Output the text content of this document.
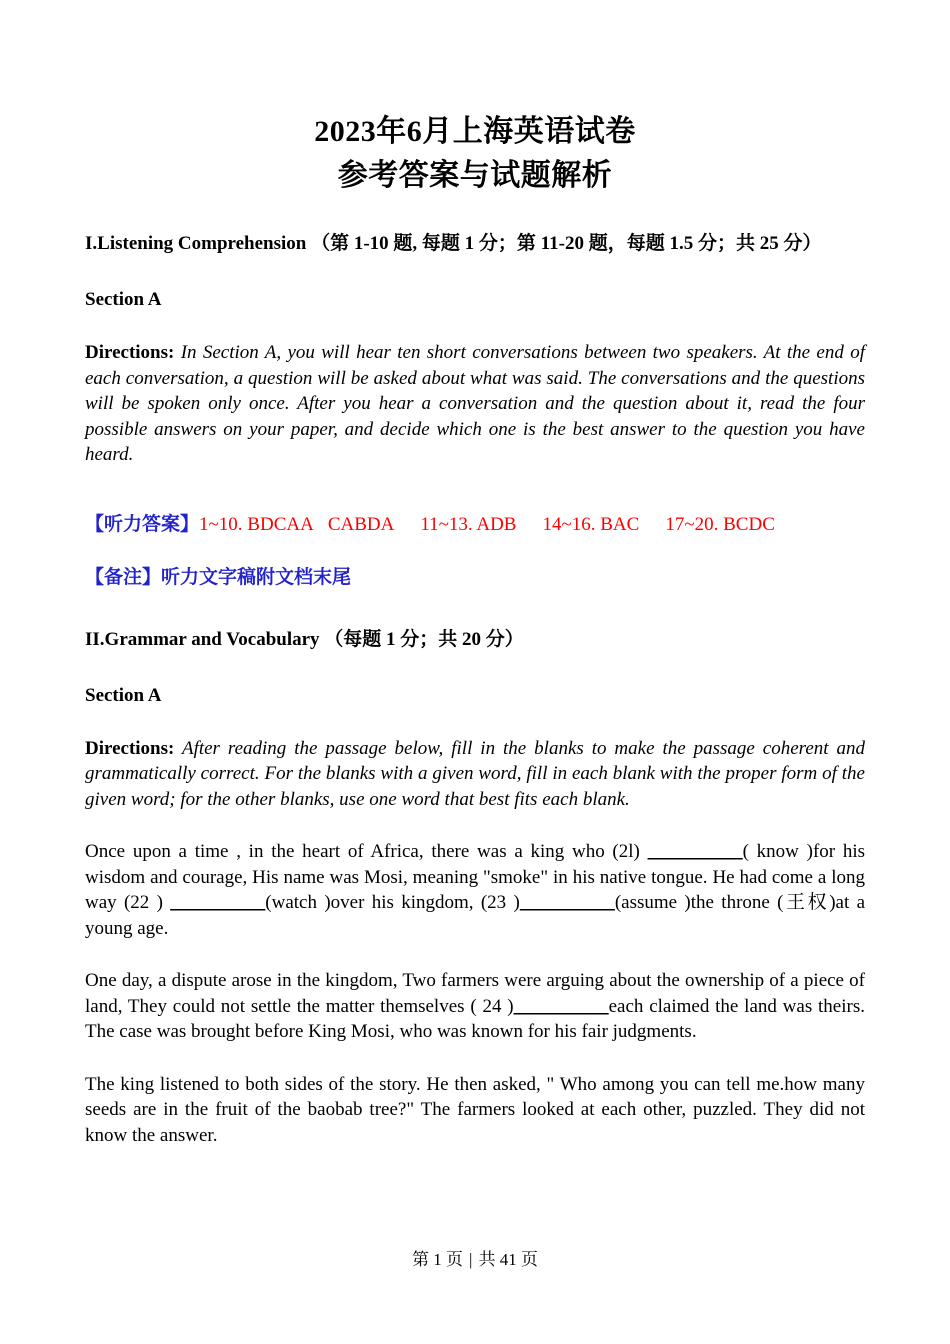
2023年6月上海英语试卷
参考答案与试题解析
I.Listening Comprehension （第 1-10 题, 每题 1 分；第 11-20 题，每题 1.5 分；共 25 分）
Section A
Directions: In Section A, you will hear ten short conversations between two speakers. At the end of each conversation, a question will be asked about what was said. The conversations and the questions will be spoken only once. After you hear a conversation and the question about it, read the four possible answers on your paper, and decide which one is the best answer to the question you have heard.
【听力答案】1~10. BDCAA CABDA 11~13. ADB 14~16. BAC 17~20. BCDC
【备注】听力文字稿附文档末尾
II.Grammar and Vocabulary （每题 1 分；共 20 分）
Section A
Directions: After reading the passage below, fill in the blanks to make the passage coherent and grammatically correct. For the blanks with a given word, fill in each blank with the proper form of the given word; for the other blanks, use one word that best fits each blank.
Once upon a time , in the heart of Africa, there was a king who (2l) __________( know )for his wisdom and courage, His name was Mosi, meaning "smoke" in his native tongue. He had come a long way (22 ) __________(watch )over his kingdom, (23 )__________(assume )the throne (王权)at a young age.
One day, a dispute arose in the kingdom, Two farmers were arguing about the ownership of a piece of land, They could not settle the matter themselves ( 24 )__________each claimed the land was theirs. The case was brought before King Mosi, who was known for his fair judgments.
The king listened to both sides of the story. He then asked, " Who among you can tell me.how many seeds are in the fruit of the baobab tree?" The farmers looked at each other, puzzled. They did not know the answer.
第 1 页 | 共 41 页
